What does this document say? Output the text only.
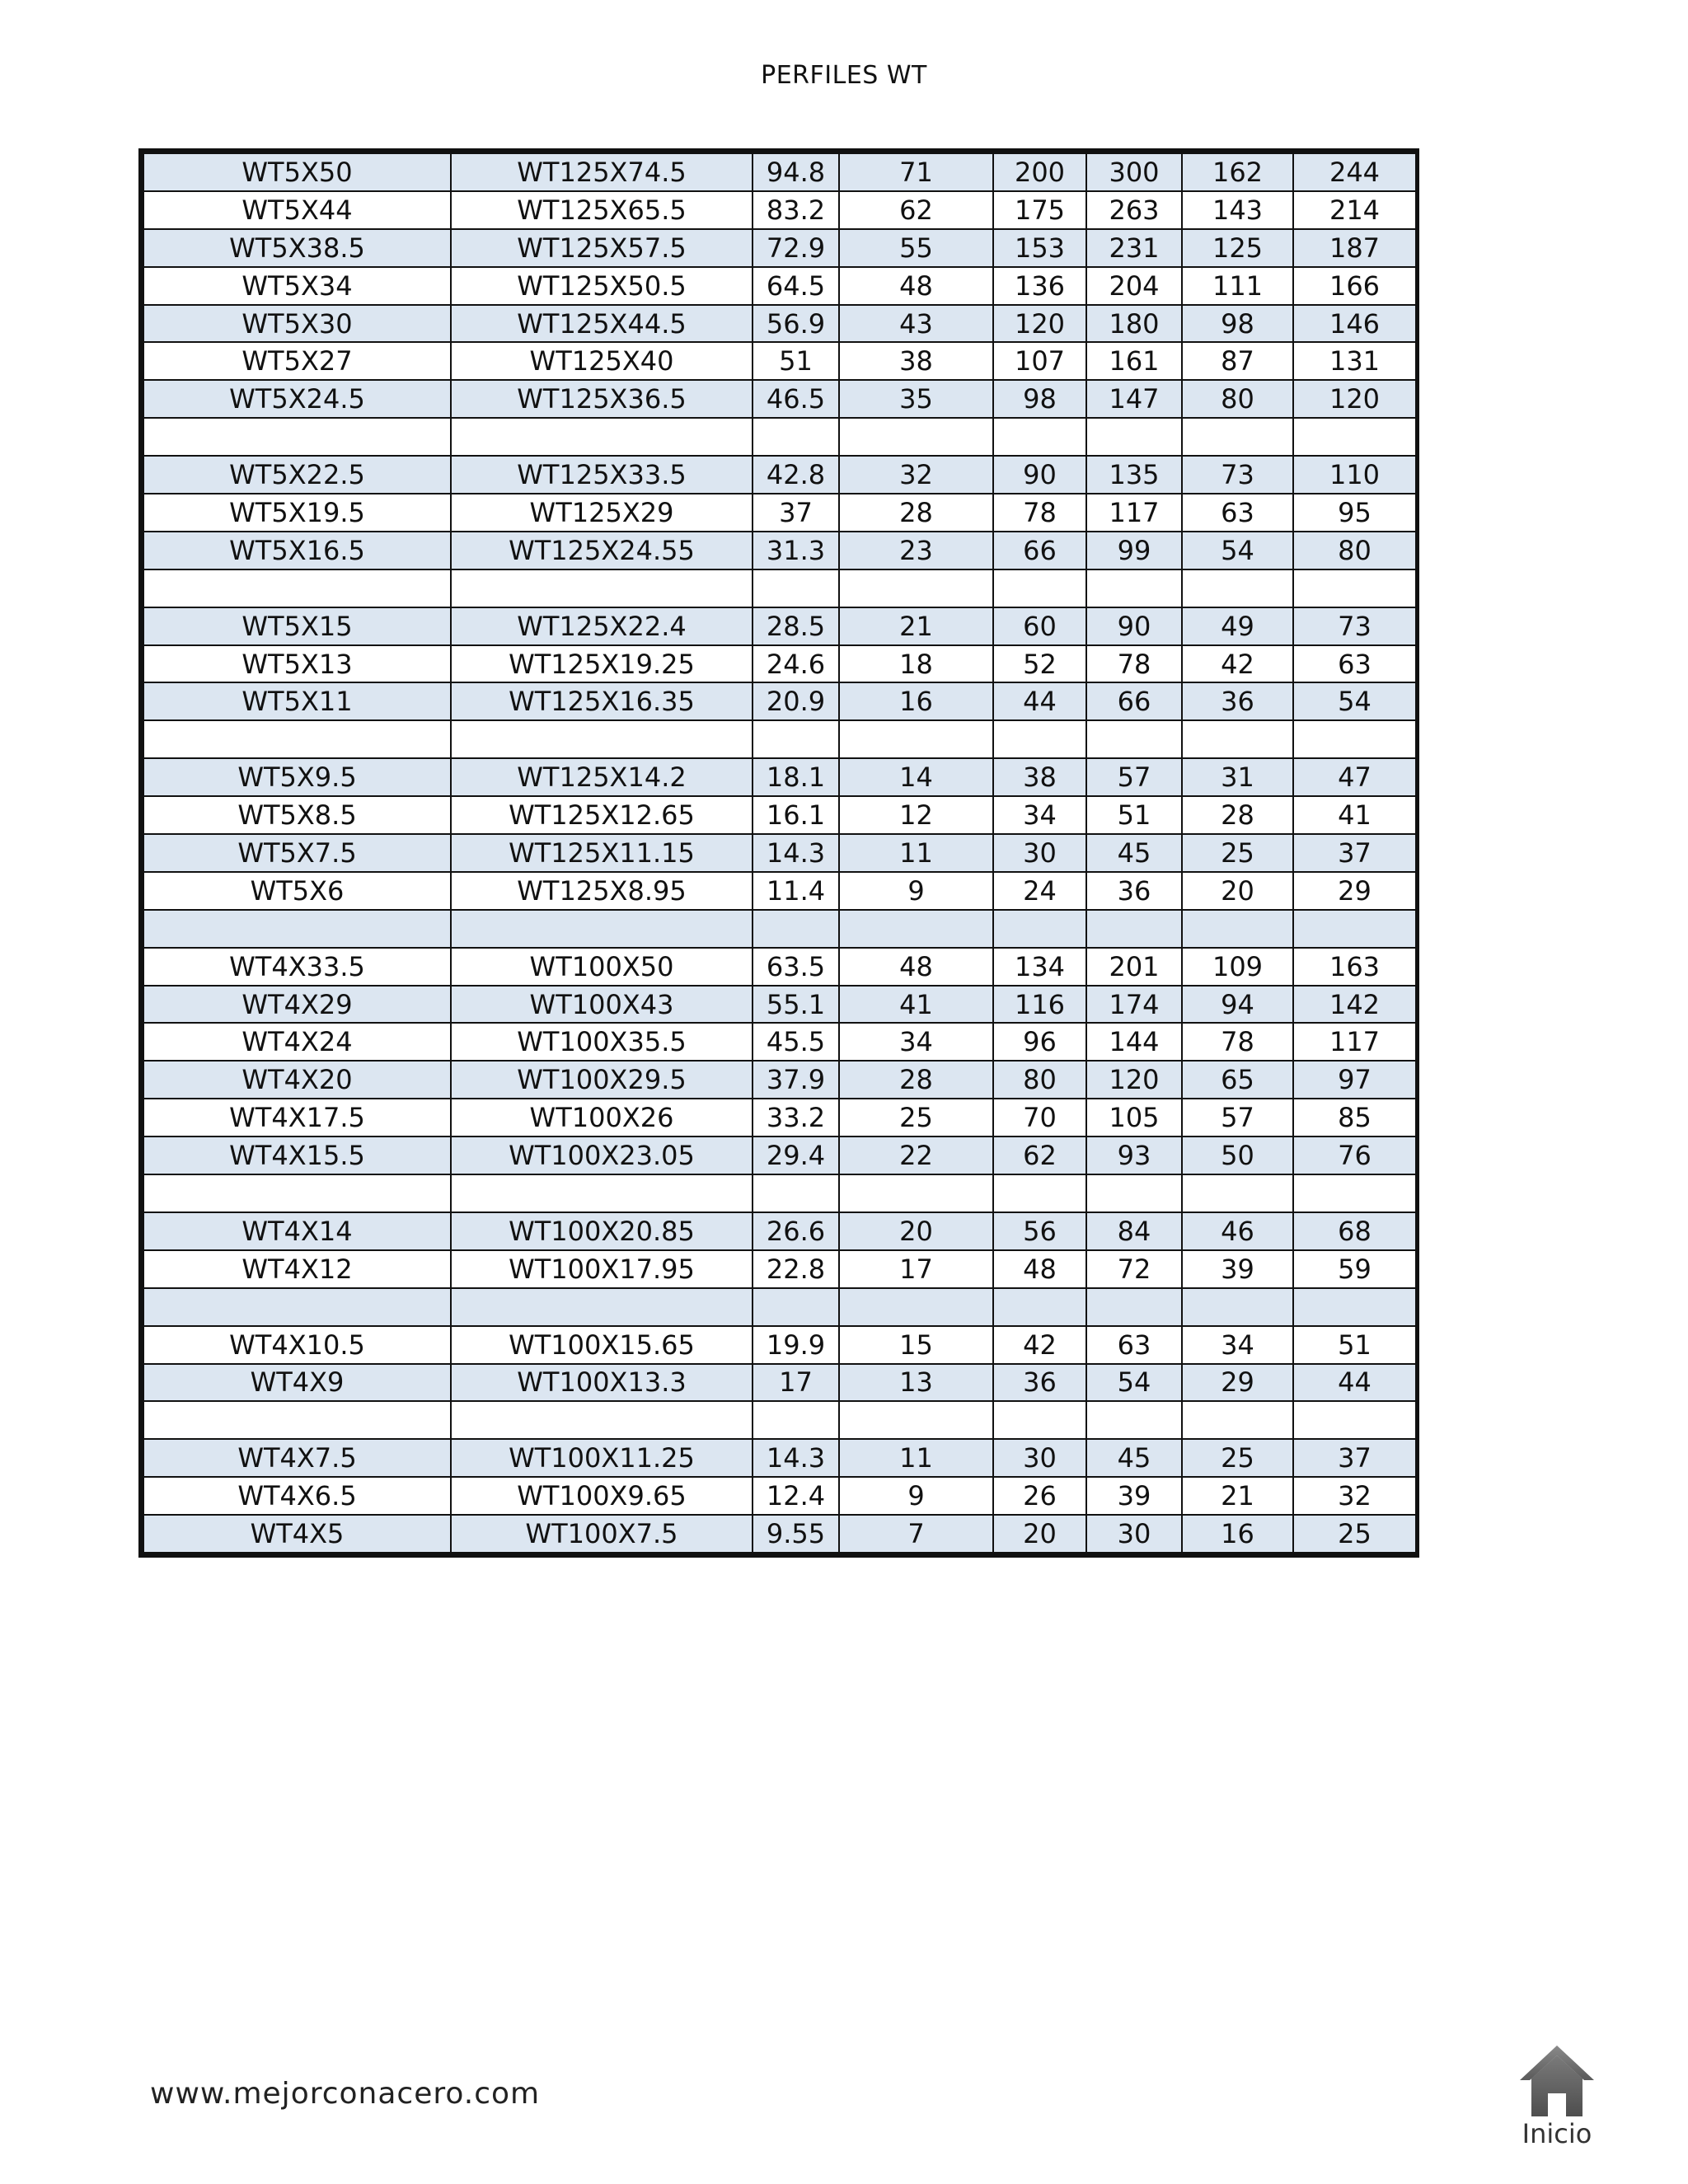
PERFILES WT
WT5X50	WT125X74.5	94.8	71	200	300	162	244
WT5X44	WT125X65.5	83.2	62	175	263	143	214
WT5X38.5	WT125X57.5	72.9	55	153	231	125	187
WT5X34	WT125X50.5	64.5	48	136	204	111	166
WT5X30	WT125X44.5	56.9	43	120	180	98	146
WT5X27	WT125X40	51	38	107	161	87	131
WT5X24.5	WT125X36.5	46.5	35	98	147	80	120

WT5X22.5	WT125X33.5	42.8	32	90	135	73	110
WT5X19.5	WT125X29	37	28	78	117	63	95
WT5X16.5	WT125X24.55	31.3	23	66	99	54	80

WT5X15	WT125X22.4	28.5	21	60	90	49	73
WT5X13	WT125X19.25	24.6	18	52	78	42	63
WT5X11	WT125X16.35	20.9	16	44	66	36	54

WT5X9.5	WT125X14.2	18.1	14	38	57	31	47
WT5X8.5	WT125X12.65	16.1	12	34	51	28	41
WT5X7.5	WT125X11.15	14.3	11	30	45	25	37
WT5X6	WT125X8.95	11.4	9	24	36	20	29

WT4X33.5	WT100X50	63.5	48	134	201	109	163
WT4X29	WT100X43	55.1	41	116	174	94	142
WT4X24	WT100X35.5	45.5	34	96	144	78	117
WT4X20	WT100X29.5	37.9	28	80	120	65	97
WT4X17.5	WT100X26	33.2	25	70	105	57	85
WT4X15.5	WT100X23.05	29.4	22	62	93	50	76

WT4X14	WT100X20.85	26.6	20	56	84	46	68
WT4X12	WT100X17.95	22.8	17	48	72	39	59

WT4X10.5	WT100X15.65	19.9	15	42	63	34	51
WT4X9	WT100X13.3	17	13	36	54	29	44

WT4X7.5	WT100X11.25	14.3	11	30	45	25	37
WT4X6.5	WT100X9.65	12.4	9	26	39	21	32
WT4X5	WT100X7.5	9.55	7	20	30	16	25
www.mejorconacero.com
Inicio
